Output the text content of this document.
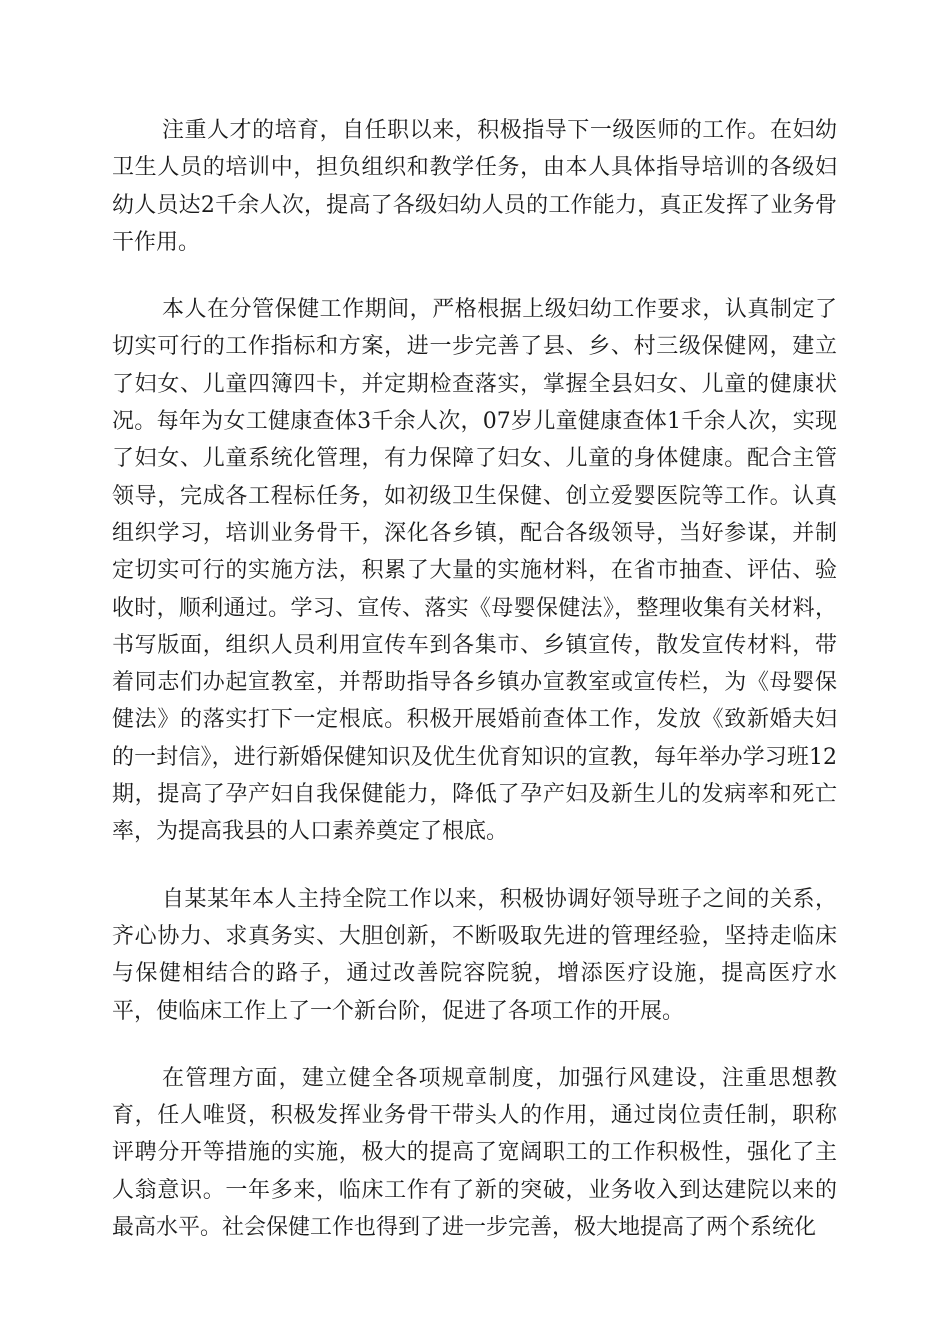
注重人才的培育，自任职以来，积极指导下一级医师的工作。在妇幼卫生人员的培训中，担负组织和教学任务，由本人具体指导培训的各级妇幼人员达2千余人次，提高了各级妇幼人员的工作能力，真正发挥了业务骨干作用。

本人在分管保健工作期间，严格根据上级妇幼工作要求，认真制定了切实可行的工作指标和方案，进一步完善了县、乡、村三级保健网，建立了妇女、儿童四簿四卡，并定期检查落实，掌握全县妇女、儿童的健康状况。每年为女工健康查体3千余人次，07岁儿童健康查体1千余人次，实现了妇女、儿童系统化管理，有力保障了妇女、儿童的身体健康。配合主管领导，完成各工程标任务，如初级卫生保健、创立爱婴医院等工作。认真组织学习，培训业务骨干，深化各乡镇，配合各级领导，当好参谋，并制定切实可行的实施方法，积累了大量的实施材料，在省市抽查、评估、验收时，顺利通过。学习、宣传、落实《母婴保健法》，整理收集有关材料，书写版面，组织人员利用宣传车到各集市、乡镇宣传，散发宣传材料，带着同志们办起宣教室，并帮助指导各乡镇办宣教室或宣传栏，为《母婴保健法》的落实打下一定根底。积极开展婚前查体工作，发放《致新婚夫妇的一封信》，进行新婚保健知识及优生优育知识的宣教，每年举办学习班12期，提高了孕产妇自我保健能力，降低了孕产妇及新生儿的发病率和死亡率，为提高我县的人口素养奠定了根底。

自某某年本人主持全院工作以来，积极协调好领导班子之间的关系，齐心协力、求真务实、大胆创新，不断吸取先进的管理经验，坚持走临床与保健相结合的路子，通过改善院容院貌，增添医疗设施，提高医疗水平，使临床工作上了一个新台阶，促进了各项工作的开展。

在管理方面，建立健全各项规章制度，加强行风建设，注重思想教育，任人唯贤，积极发挥业务骨干带头人的作用，通过岗位责任制，职称评聘分开等措施的实施，极大的提高了宽阔职工的工作积极性，强化了主人翁意识。一年多来，临床工作有了新的突破，业务收入到达建院以来的最高水平。社会保健工作也得到了进一步完善，极大地提高了两个系统化
